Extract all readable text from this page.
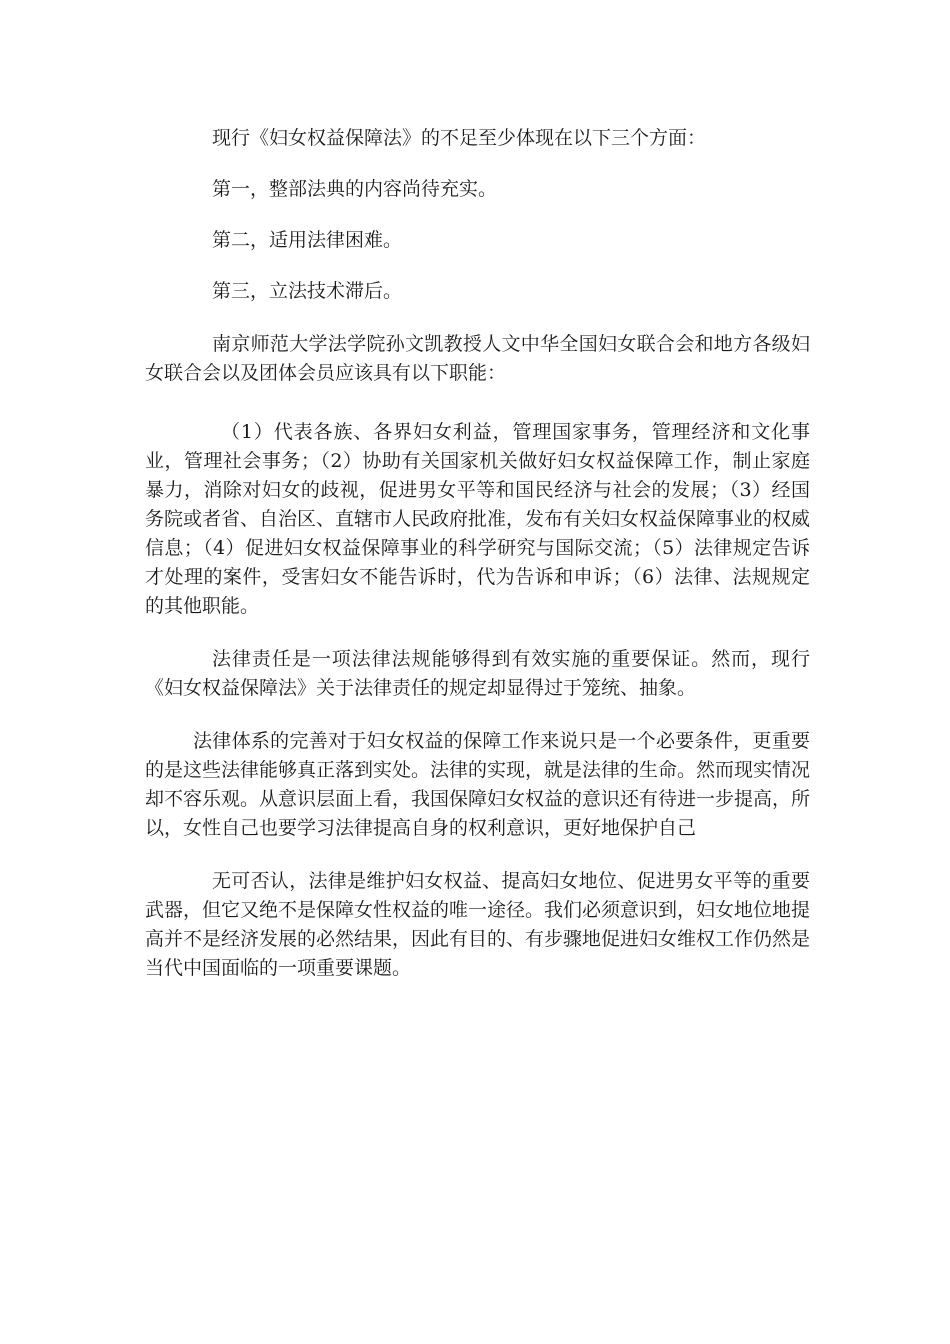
现行《妇女权益保障法》的不足至少体现在以下三个方面：

第一，整部法典的内容尚待充实。

第二，适用法律困难。

第三，立法技术滞后。

南京师范大学法学院孙文凯教授人文中华全国妇女联合会和地方各级妇女联合会以及团体会员应该具有以下职能：

（1）代表各族、各界妇女利益，管理国家事务，管理经济和文化事业，管理社会事务；（2）协助有关国家机关做好妇女权益保障工作，制止家庭暴力，消除对妇女的歧视，促进男女平等和国民经济与社会的发展；（3）经国务院或者省、自治区、直辖市人民政府批准，发布有关妇女权益保障事业的权威信息；（4）促进妇女权益保障事业的科学研究与国际交流；（5）法律规定告诉才处理的案件，受害妇女不能告诉时，代为告诉和申诉；（6）法律、法规规定的其他职能。

法律责任是一项法律法规能够得到有效实施的重要保证。然而，现行《妇女权益保障法》关于法律责任的规定却显得过于笼统、抽象。

法律体系的完善对于妇女权益的保障工作来说只是一个必要条件，更重要的是这些法律能够真正落到实处。法律的实现，就是法律的生命。然而现实情况却不容乐观。从意识层面上看，我国保障妇女权益的意识还有待进一步提高，所以，女性自己也要学习法律提高自身的权利意识，更好地保护自己

无可否认，法律是维护妇女权益、提高妇女地位、促进男女平等的重要武器，但它又绝不是保障女性权益的唯一途径。我们必须意识到，妇女地位地提高并不是经济发展的必然结果，因此有目的、有步骤地促进妇女维权工作仍然是当代中国面临的一项重要课题。
